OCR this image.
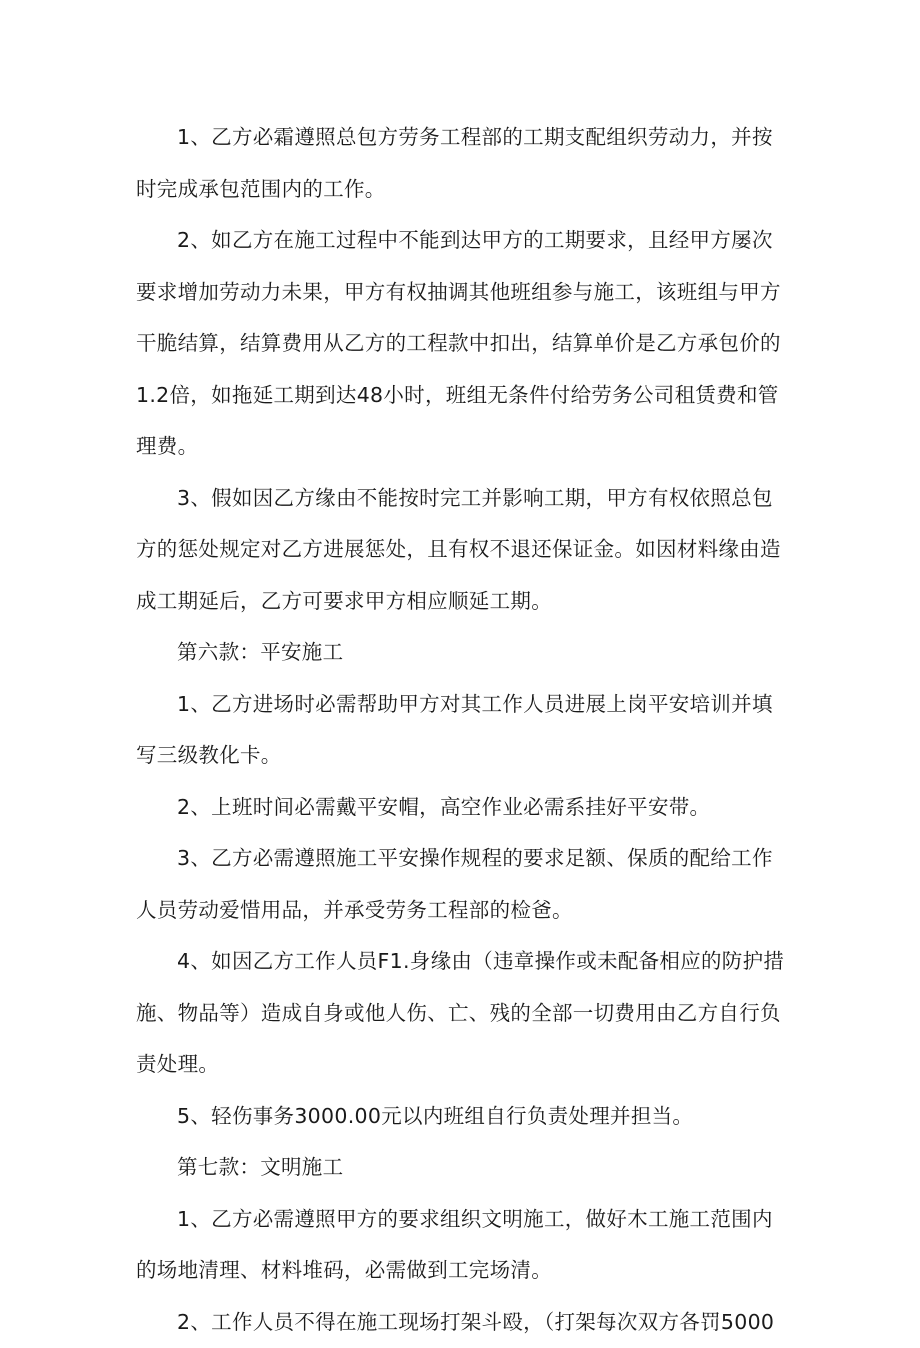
1、乙方必霜遵照总包方劳务工程部的工期支配组织劳动力，并按时完成承包范围内的工作。

2、如乙方在施工过程中不能到达甲方的工期要求，且经甲方屡次要求增加劳动力未果，甲方有权抽调其他班组参与施工，该班组与甲方干脆结算，结算费用从乙方的工程款中扣出，结算单价是乙方承包价的1.2倍，如拖延工期到达48小时，班组无条件付给劳务公司租赁费和管理费。

3、假如因乙方缘由不能按时完工并影响工期，甲方有权依照总包方的惩处规定对乙方进展惩处，且有权不退还保证金。如因材料缘由造成工期延后，乙方可要求甲方相应顺延工期。

第六款：平安施工

1、乙方进场时必需帮助甲方对其工作人员进展上岗平安培训并填写三级教化卡。

2、上班时间必需戴平安帽，高空作业必需系挂好平安带。

3、乙方必需遵照施工平安操作规程的要求足额、保质的配给工作人员劳动爱惜用品，并承受劳务工程部的检爸。

4、如因乙方工作人员F1.身缘由（违章操作或未配备相应的防护措施、物品等）造成自身或他人伤、亡、残的全部一切费用由乙方自行负责处理。

5、轻伤事务3000.00元以内班组自行负责处理并担当。

第七款：文明施工

1、乙方必需遵照甲方的要求组织文明施工，做好木工施工范围内的场地清理、材料堆码，必需做到工完场清。

2、工作人员不得在施工现场打架斗殴，（打架每次双方各罚5000
